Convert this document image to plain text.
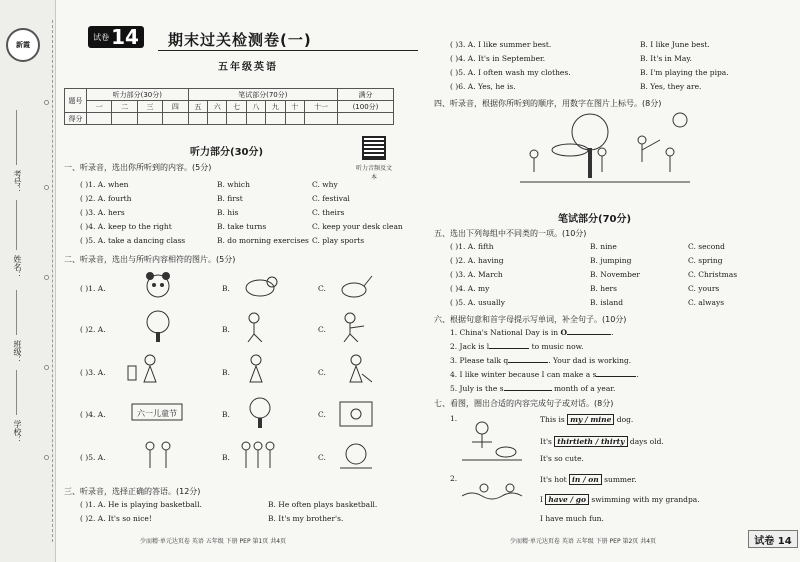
新霞
考号：
姓名：
班级：
学校：
试卷 14 期末过关检测卷(一)
五年级英语
题号	听力部分(30分)				笔试部分(70分)							满分
	一	二	三	四	五	六	七	八	九	十	十一	(100分)
得分												
听力音频及文本
听力部分(30分)
一、听录音，选出你所听到的内容。(5分)
( )1. A. when	B. which	C. why
( )2. A. fourth	B. first	C. festival
( )3. A. hers	B. his	C. theirs
( )4. A. keep to the right	B. take turns	C. keep your desk clean
( )5. A. take a dancing class	B. do morning exercises C. play sports
二、听录音，选出与所听内容相符的图片。(5分)
( )1. A.	B.	C.
( )2. A.	B.	C.
( )3. A.	B.	C.
( )4. A.	B.	C.
( )5. A.	B.	C.
六一儿童节
三、听录音，选择正确的答语。(12分)
( )1. A. He is playing basketball.	B. He often plays basketball.
( )2. A. It's so nice!	B. It's my brother's.
少而精·单元达页卷 英语 五年级 下册 PEP 第1页 共4页
( )3. A. I like summer best.	B. I like June best.
( )4. A. It's in September.	B. It's in May.
( )5. A. I often wash my clothes.	B. I'm playing the pipa.
( )6. A. Yes, he is.	B. Yes, they are.
四、听录音，根据你所听到的顺序，用数字在图片上标号。(8分)
笔试部分(70分)
五、选出下列每组中不同类的一项。(10分)
( )1. A. fifth	B. nine	C. second
( )2. A. having	B. jumping	C. spring
( )3. A. March	B. November	C. Christmas
( )4. A. my	B. hers	C. yours
( )5. A. usually	B. island	C. always
六、根据句意和首字母提示写单词，补全句子。(10分)
1. China's National Day is in O	.
2. Jack is l	to music now.
3. Please talk q	. Your dad is working.
4. I like winter because I can make a s	.
5. July is the s	month of a year.
七、看图，圈出合适的内容完成句子或对话。(8分)
1.	This is my / mine dog.
It's thirtieth / thirty days old.
It's so cute.
2.	It's hot in / on summer.
I have / go swimming with my grandpa.
I have much fun.
少而精·单元达页卷 英语 五年级 下册 PEP 第2页 共4页	试卷 14
